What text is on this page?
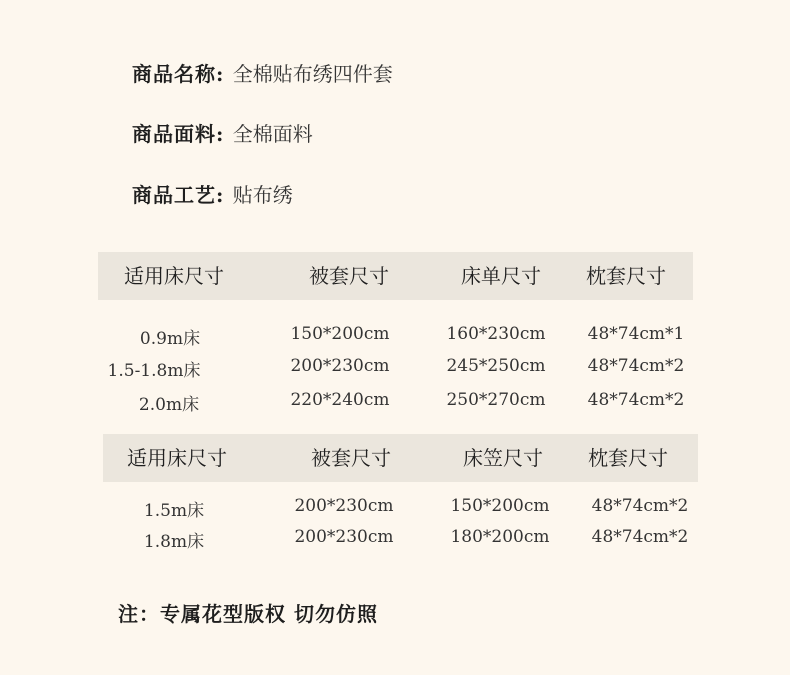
商品名称: 全棉贴布绣四件套
商品面料: 全棉面料
商品工艺: 贴布绣
适用床尺寸	被套尺寸	床单尺寸 枕套尺寸
0.9m床	150*200cm	160*230cm 48*74cm*1
1.5-1.8m床	200*230cm	245*250cm 48*74cm*2
2.0m床	220*240cm	250*270cm 48*74cm*2
适用床尺寸	被套尺寸	床笠尺寸 枕套尺寸
1.5m床	200*230cm	150*200cm 48*74cm*2
1.8m床	200*230cm	180*200cm 48*74cm*2
注：专属花型版权 切勿仿照
